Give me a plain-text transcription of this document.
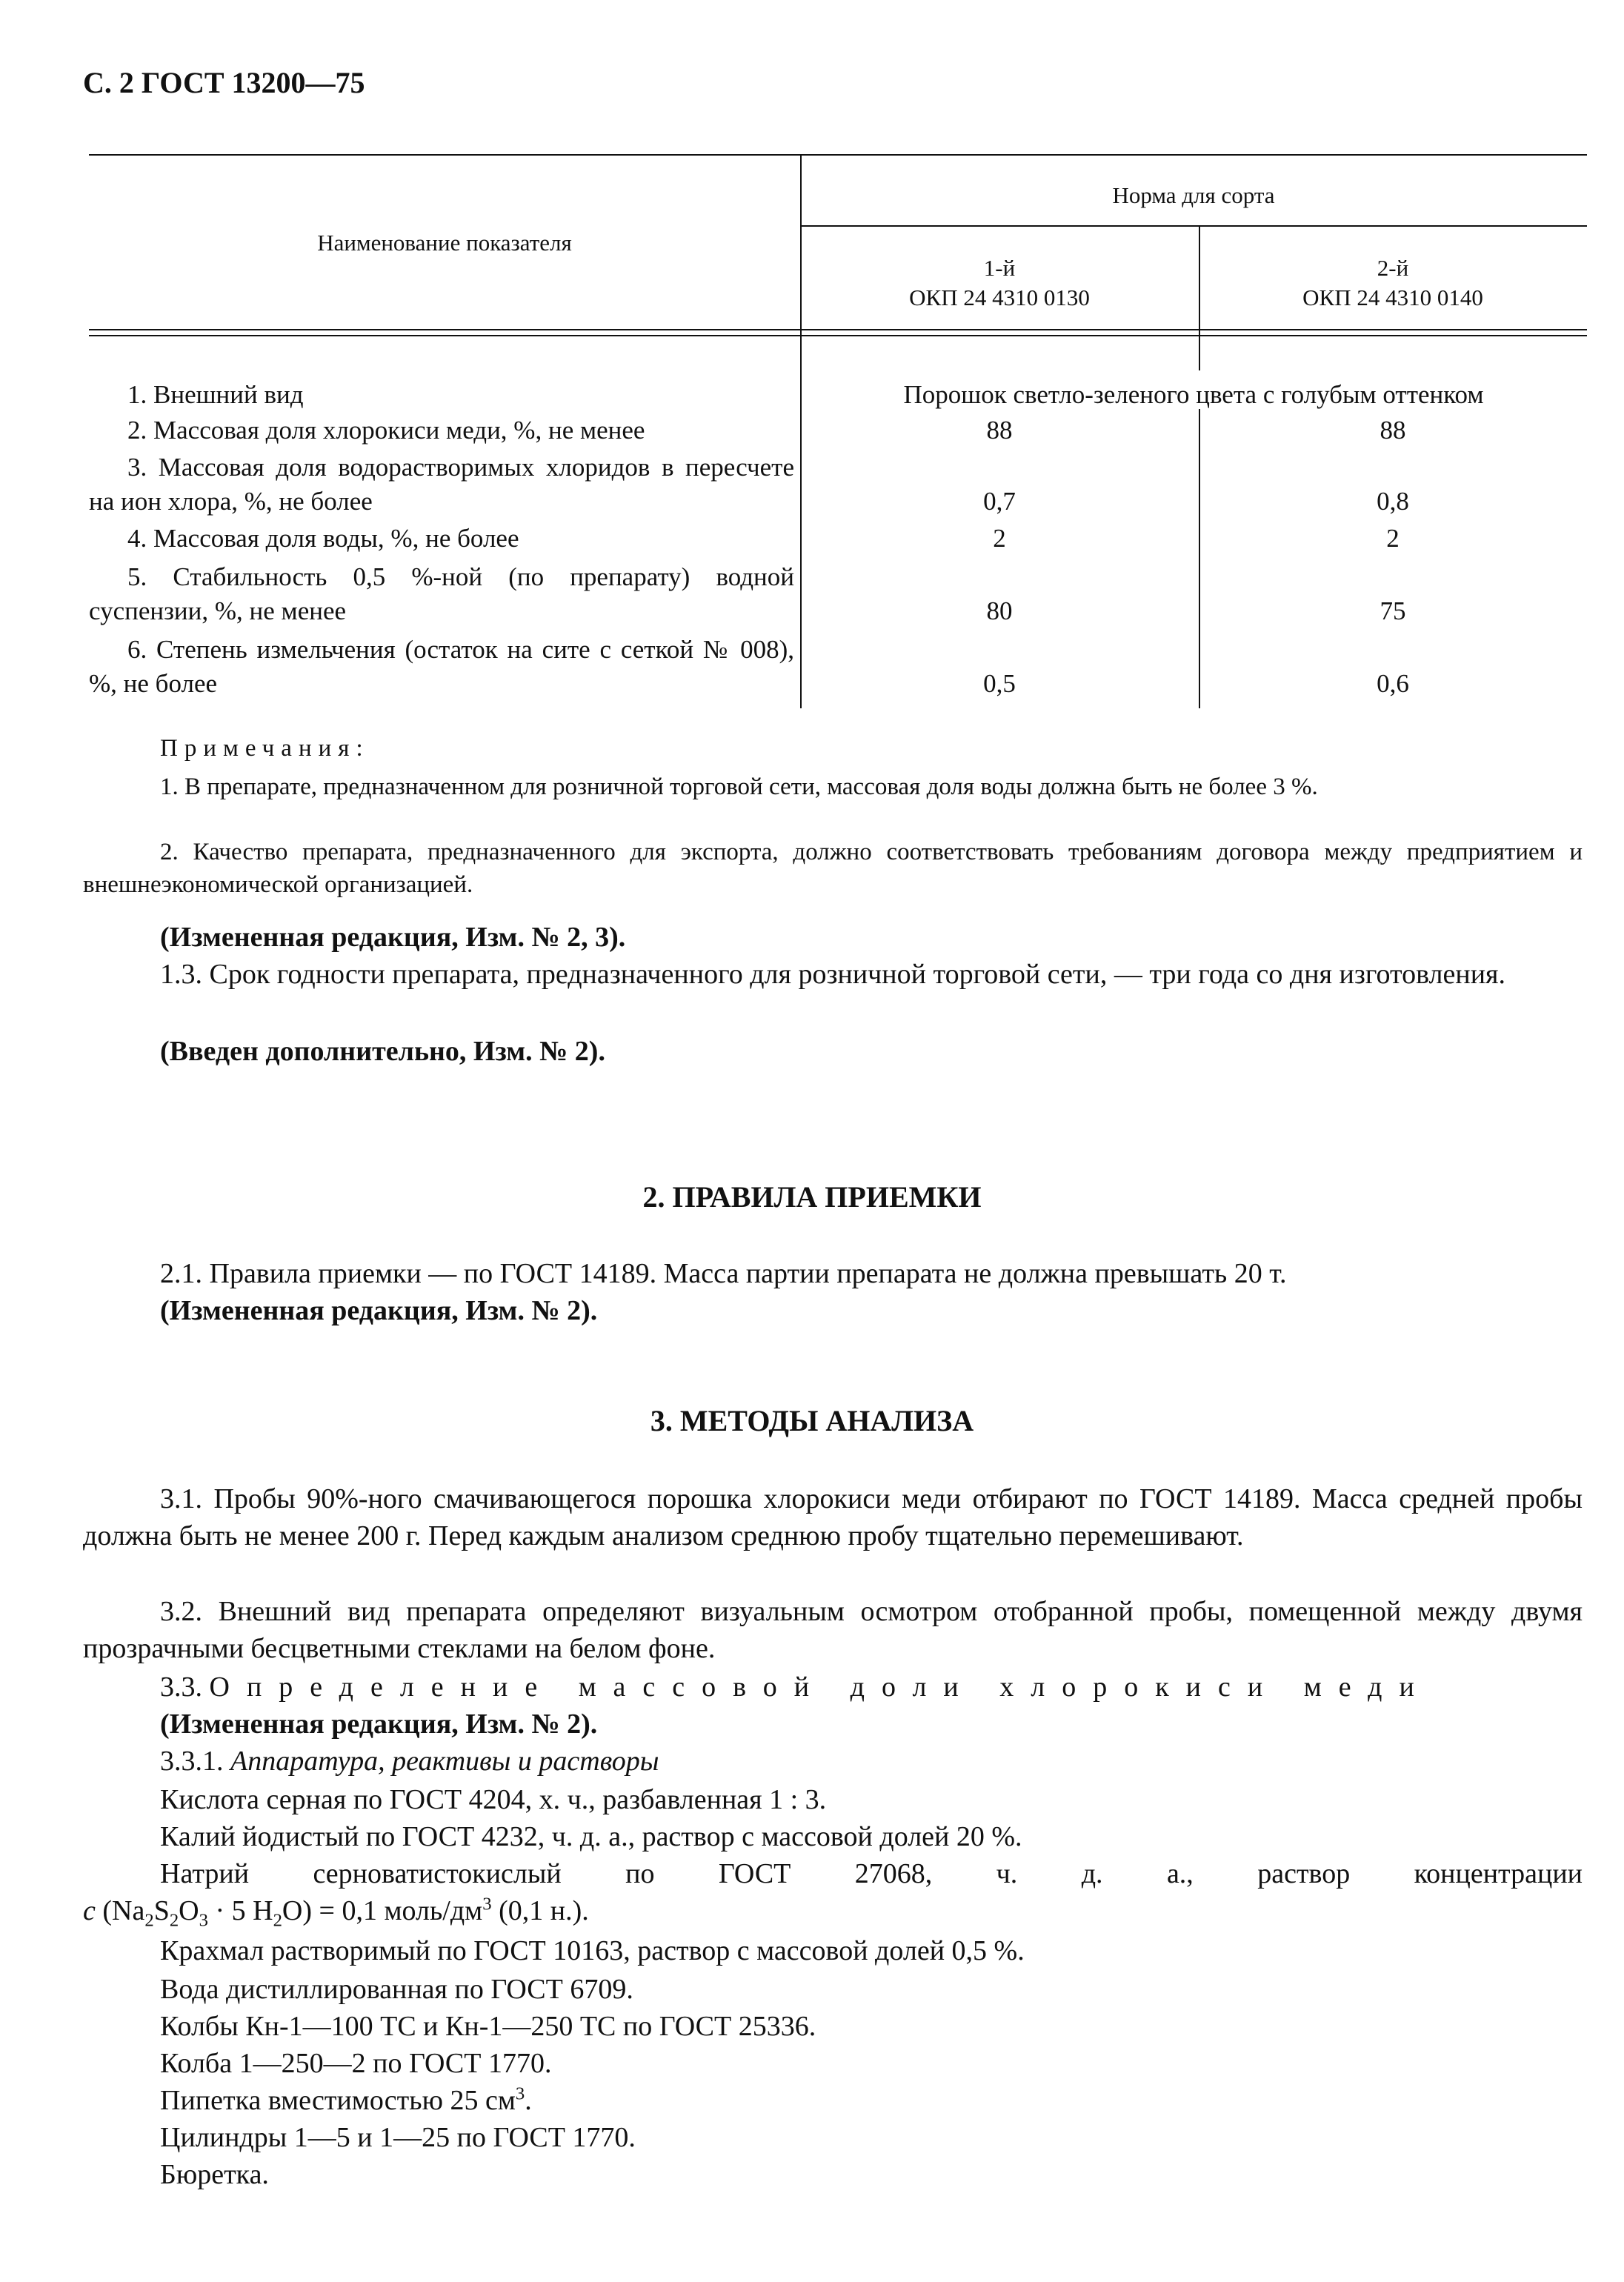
С. 2 ГОСТ 13200—75
Наименование показателя
Норма для сорта
1-й
ОКП 24 4310 0130
2-й
ОКП 24 4310 0140
1. Внешний вид	Порошок светло-зеленого цвета с голубым оттенком
2. Массовая доля хлорокиси меди, %, не менее	88	88
3. Массовая доля водорастворимых хлоридов в пересчете на ион хлора, %, не более	0,7	0,8
4. Массовая доля воды, %, не более	2	2
5. Стабильность 0,5 %-ной (по препарату) водной суспензии, %, не менее	80	75
6. Степень измельчения (остаток на сите с сеткой № 008), %, не более	0,5	0,6
Примечания:
1. В препарате, предназначенном для розничной торговой сети, массовая доля воды должна быть не более 3 %.
2. Качество препарата, предназначенного для экспорта, должно соответствовать требованиям договора между предприятием и внешнеэкономической организацией.
(Измененная редакция, Изм. № 2, 3).
1.3. Срок годности препарата, предназначенного для розничной торговой сети, — три года со дня изготовления.
(Введен дополнительно, Изм. № 2).
2. ПРАВИЛА ПРИЕМКИ
2.1. Правила приемки — по ГОСТ 14189. Масса партии препарата не должна превышать 20 т.
(Измененная редакция, Изм. № 2).
3. МЕТОДЫ АНАЛИЗА
3.1. Пробы 90%-ного смачивающегося порошка хлорокиси меди отбирают по ГОСТ 14189. Масса средней пробы должна быть не менее 200 г. Перед каждым анализом среднюю пробу тщательно перемешивают.
3.2. Внешний вид препарата определяют визуальным осмотром отобранной пробы, помещенной между двумя прозрачными бесцветными стеклами на белом фоне.
3.3. Определение массовой доли хлорокиси меди
(Измененная редакция, Изм. № 2).
3.3.1. Аппаратура, реактивы и растворы
Кислота серная по ГОСТ 4204, х. ч., разбавленная 1 : 3.
Калий йодистый по ГОСТ 4232, ч. д. а., раствор с массовой долей 20 %.
Натрий серноватистокислый по ГОСТ 27068, ч. д. а., раствор концентрации
c ($Na_2S_2O_3 \cdot 5$ $H_2O) = 0,1$ моль/$дм^3$ (0,1 н.).
Крахмал растворимый по ГОСТ 10163, раствор с массовой долей 0,5 %.
Вода дистиллированная по ГОСТ 6709.
Колбы Кн-1—100 ТС и Кн-1—250 ТС по ГОСТ 25336.
Колба 1—250—2 по ГОСТ 1770.
Пипетка вместимостью 25 $см^3$.
Цилиндры 1—5 и 1—25 по ГОСТ 1770.
Бюретка.
